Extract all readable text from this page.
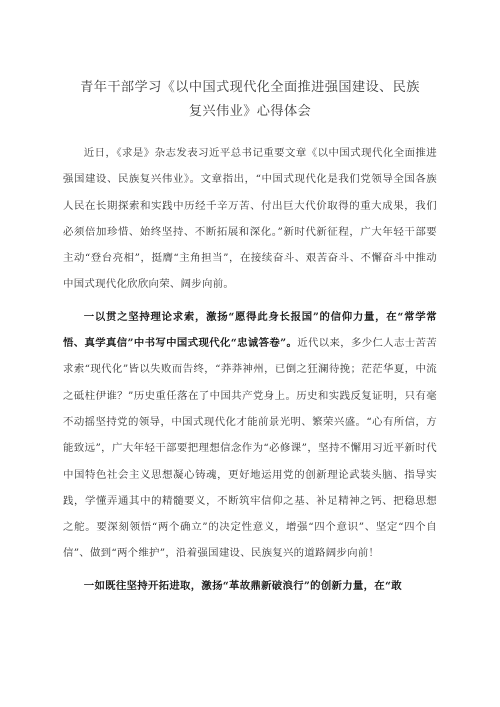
青年干部学习《以中国式现代化全面推进强国建设、民族
复兴伟业》心得体会

近日，《求是》杂志发表习近平总书记重要文章《以中国式现代化全面推进强国建设、民族复兴伟业》。文章指出，“中国式现代化是我们党领导全国各族人民在长期探索和实践中历经千辛万苦、付出巨大代价取得的重大成果，我们必须倍加珍惜、始终坚持、不断拓展和深化。”新时代新征程，广大年轻干部要主动“登台亮相”，挺膺“主角担当”，在接续奋斗、艰苦奋斗、不懈奋斗中推动中国式现代化欣欣向荣、阔步向前。

一以贯之坚持理论求索，激扬“愿得此身长报国”的信仰力量，在“常学常悟、真学真信”中书写中国式现代化“忠诚答卷”。近代以来，多少仁人志士苦苦求索“现代化”皆以失败而告终，“莽莽神州，已倒之狂澜待挽；茫茫华夏，中流之砥柱伊谁？”历史重任落在了中国共产党身上。历史和实践反复证明，只有毫不动摇坚持党的领导，中国式现代化才能前景光明、繁荣兴盛。“心有所信，方能致远”，广大年轻干部要把理想信念作为“必修课”，坚持不懈用习近平新时代中国特色社会主义思想凝心铸魂，更好地运用党的创新理论武装头脑、指导实践，学懂弄通其中的精髓要义，不断筑牢信仰之基、补足精神之钙、把稳思想之舵。要深刻领悟“两个确立”的决定性意义，增强“四个意识”、坚定“四个自信”、做到“两个维护”，沿着强国建设、民族复兴的道路阔步向前！

一如既往坚持开拓进取，激扬“革故鼎新破浪行”的创新力量，在“敢
